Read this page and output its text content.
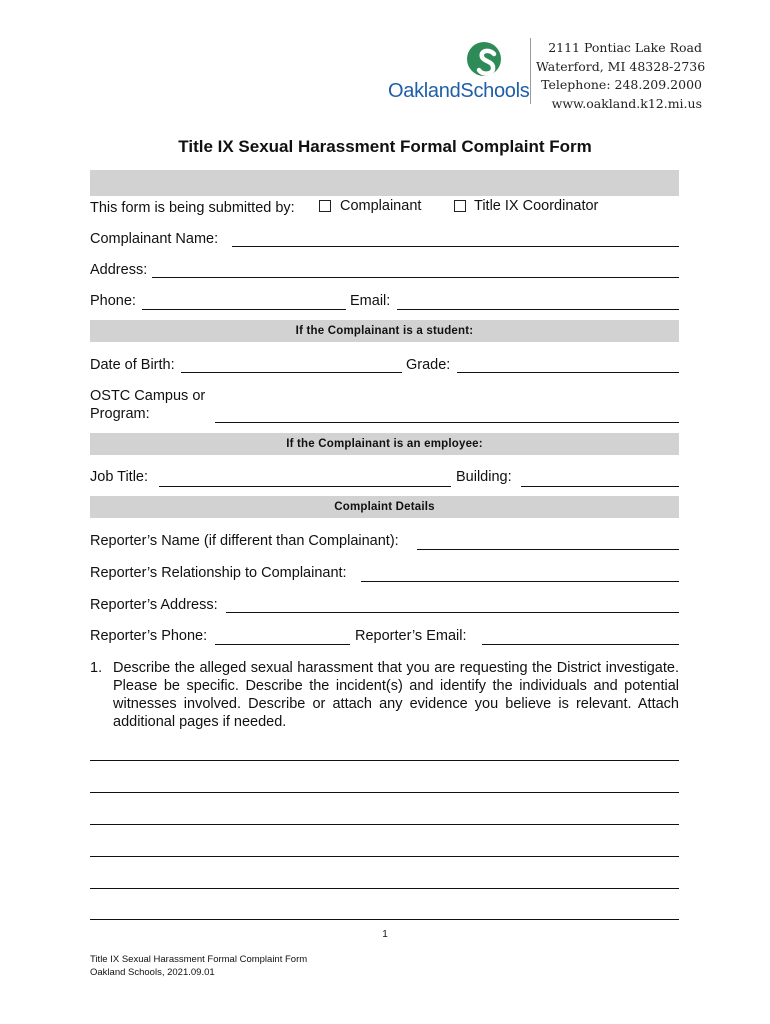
OaklandSchools
2111 Pontiac Lake Road
Waterford, MI 48328-2736
Telephone: 248.209.2000
www.oakland.k12.mi.us
Title IX Sexual Harassment Formal Complaint Form
This form is being submitted by:	Complainant	Title IX Coordinator
Complainant Name:
Address:
Phone:	Email:
If the Complainant is a student:
Date of Birth:	Grade:
OSTC Campus or
Program:
If the Complainant is an employee:
Job Title:	Building:
Complaint Details
Reporter’s Name (if different than Complainant):
Reporter’s Relationship to Complainant:
Reporter’s Address:
Reporter’s Phone:	Reporter’s Email:
1. Describe the alleged sexual harassment that you are requesting the District investigate. Please be specific. Describe the incident(s) and identify the individuals and potential witnesses involved. Describe or attach any evidence you believe is relevant. Attach additional pages if needed.
1
Title IX Sexual Harassment Formal Complaint Form
Oakland Schools, 2021.09.01
